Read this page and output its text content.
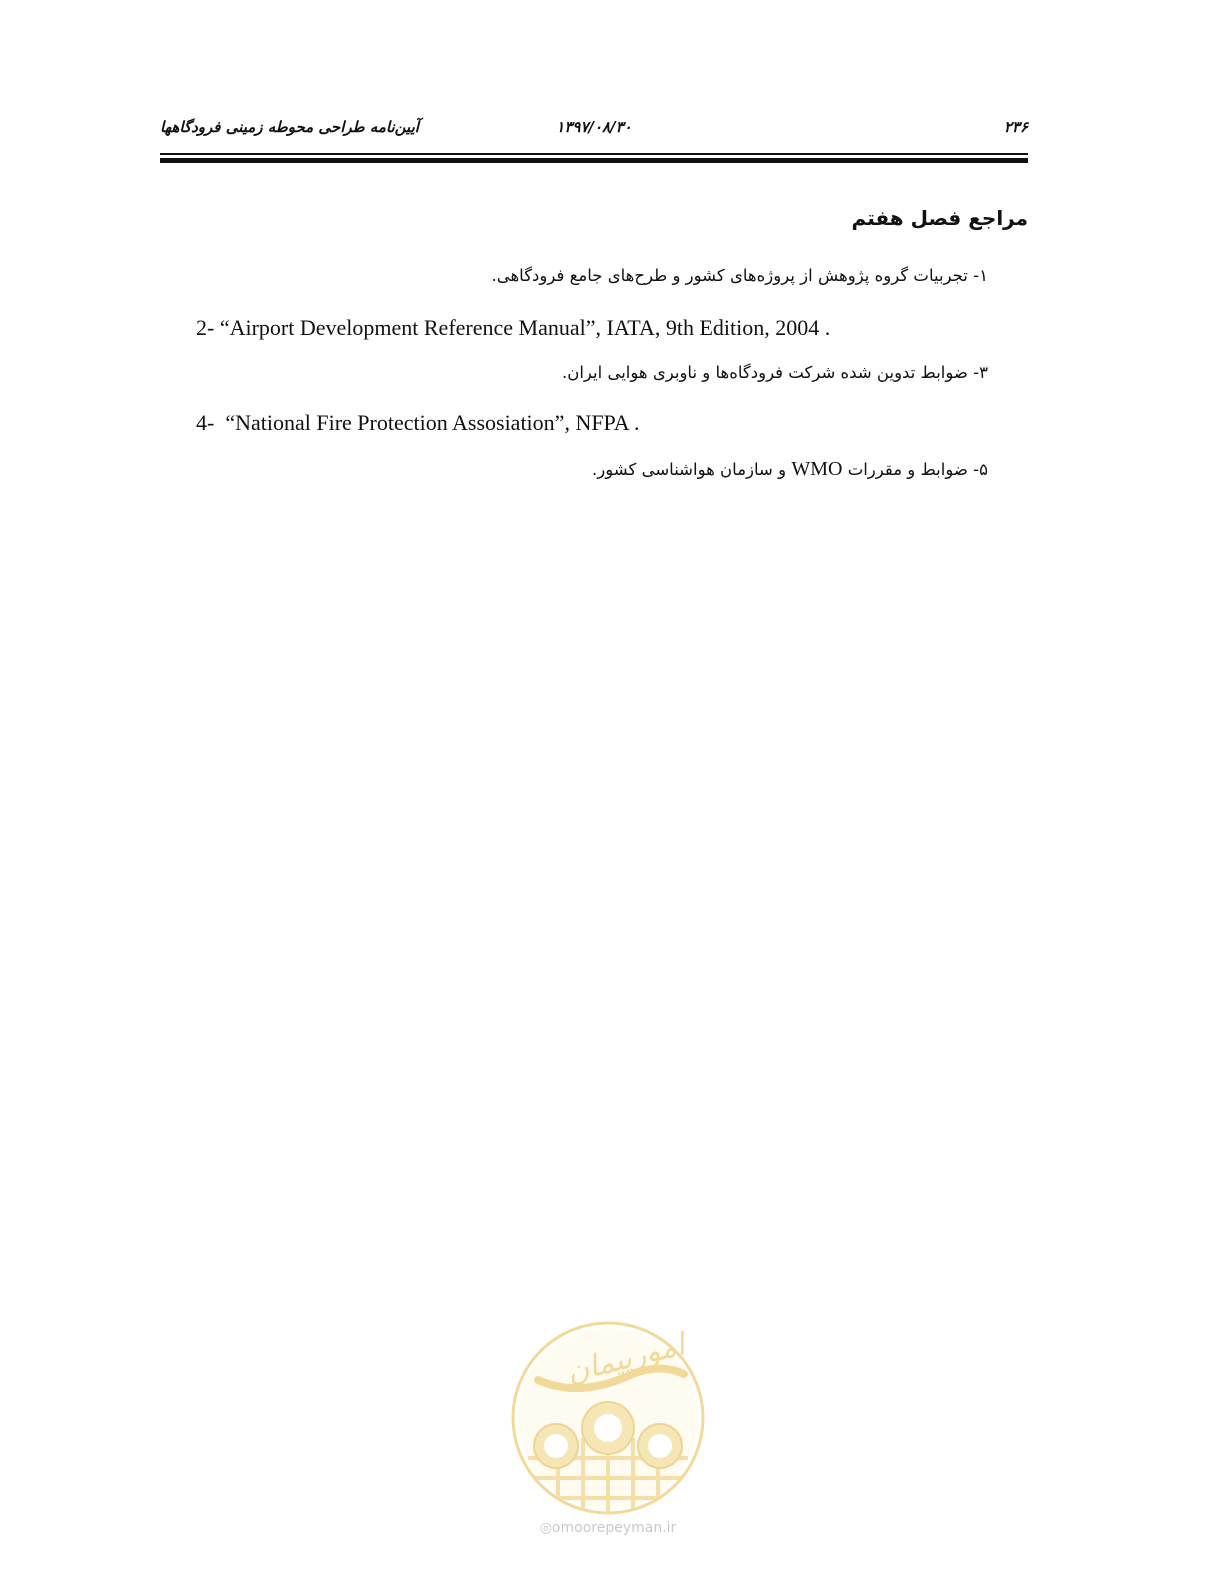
آیین‌نامه طراحی محوطه زمینی فرودگاهها	۱۳۹۷/۰۸/۳۰	۲۳۶
مراجع فصل هفتم
۱- تجربیات گروه پژوهش از پروژه‌های کشور و طرح‌های جامع فرودگاهی.
2- “Airport Development Reference Manual”, IATA, 9th Edition, 2004 .
۳- ضوابط تدوین شده شرکت فرودگاه‌ها و ناوبری هوایی ایران.
4-  “National Fire Protection Assosiation”, NFPA .
۵- ضوابط و مقررات WMO و سازمان هواشناسی کشور.
امورپیمان
◎omoorepeyman.ir
